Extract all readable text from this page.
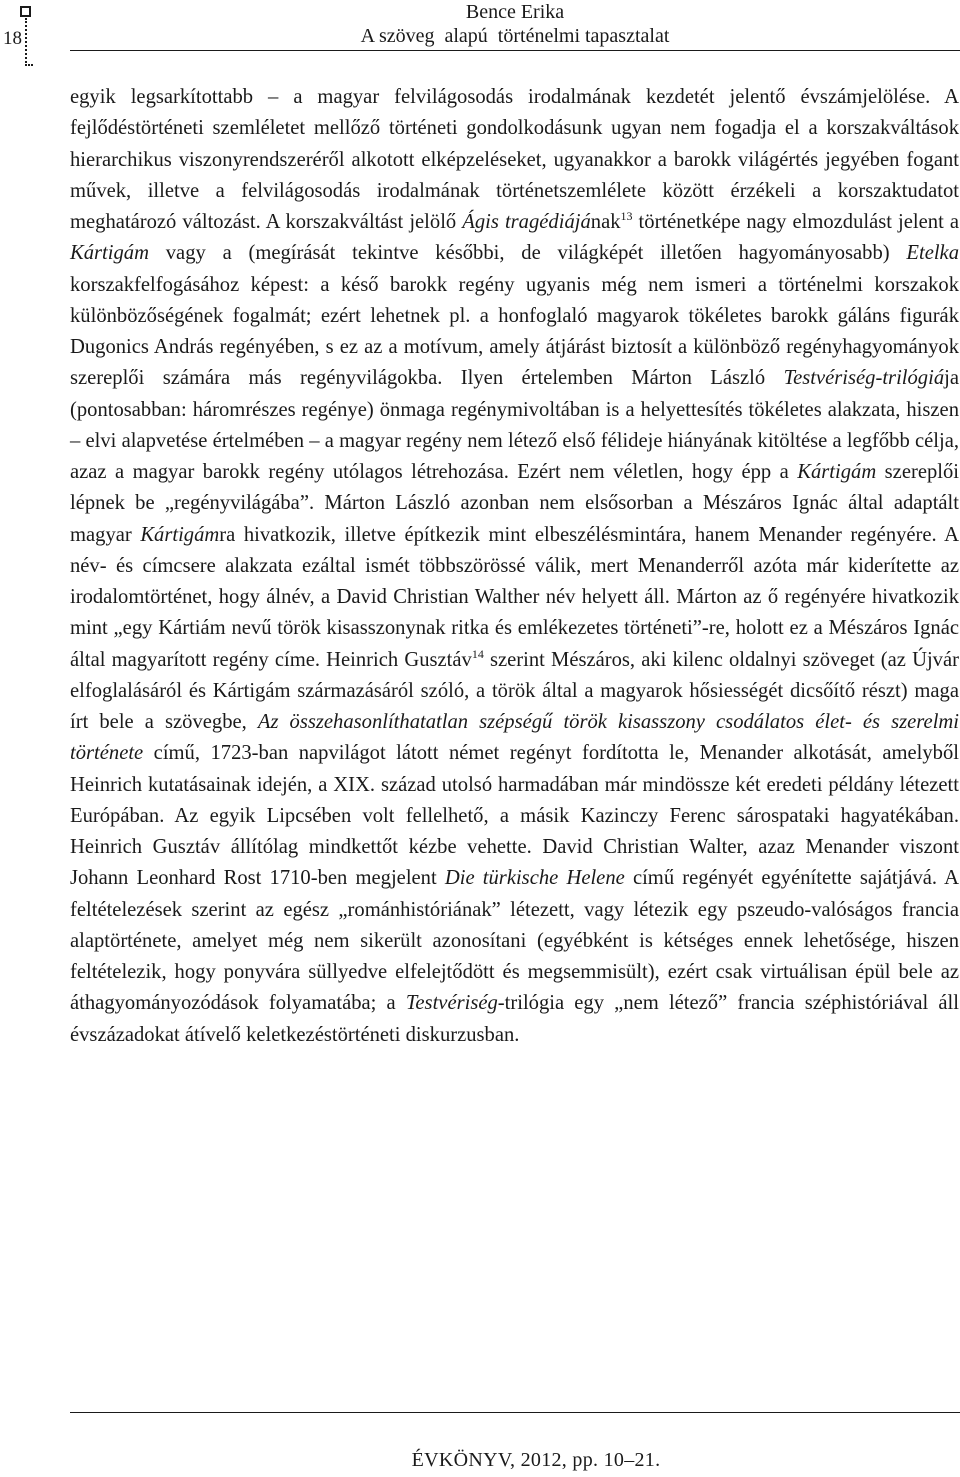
18
Bence Erika
A szöveg  alapú  történelmi tapasztalat

egyik legsarkítottabb – a magyar felvilágosodás irodalmának kezdetét jelentő évszámjelölése. A fejlődéstörténeti szemléletet mellőző történeti gondolkodásunk ugyan nem fogadja el a korszakváltások hierarchikus viszonyrendszeréről alkotott elképzeléseket, ugyanakkor a barokk világértés jegyében fogant művek, illetve a felvilágosodás irodalmának történetszemlélete között érzékeli a korszaktudatot meghatározó változást. A korszakváltást jelölő Ágis tragédiájának$^{13}$ történetképe nagy elmozdulást jelent a Kártigám vagy a (megírását tekintve későbbi, de világképét illetően hagyományosabb) Etelka korszakfelfogásához képest: a késő barokk regény ugyanis még nem ismeri a történelmi korszakok különbözőségének fogalmát; ezért lehetnek pl. a honfoglaló magyarok tökéletes barokk gáláns figurák Dugonics András regényében, s ez az a motívum, amely átjárást biztosít a különböző regényhagyományok szereplői számára más regényvilágokba. Ilyen értelemben Márton László Testvériség-trilógiája (pontosabban: háromrészes regénye) önmaga regénymivoltában is a helyettesítés tökéletes alakzata, hiszen – elvi alapvetése értelmében – a magyar regény nem létező első félideje hiányának kitöltése a legfőbb célja, azaz a magyar barokk regény utólagos létrehozása. Ezért nem véletlen, hogy épp a Kártigám szereplői lépnek be „regényvilágába”. Márton László azonban nem elsősorban a Mészáros Ignác által adaptált magyar Kártigámra hivatkozik, illetve építkezik mint elbeszélésmintára, hanem Menander regényére. A név- és címcsere alakzata ezáltal ismét többszörössé válik, mert Menanderről azóta már kiderítette az irodalomtörténet, hogy álnév, a David Christian Walther név helyett áll. Márton az ő regényére hivatkozik mint „egy Kártiám nevű török kisasszonynak ritka és emlékezetes történeti”-re, holott ez a Mészáros Ignác által magyarított regény címe. Heinrich Gusztáv$^{14}$ szerint Mészáros, aki kilenc oldalnyi szöveget (az Újvár elfoglalásáról és Kártigám származásáról szóló, a török által a magyarok hősiességét dicsőítő részt) maga írt bele a szövegbe, Az összehasonlíthatatlan szépségű török kisasszony csodálatos élet- és szerelmi története című, 1723-ban napvilágot látott német regényt fordította le, Menander alkotását, amelyből Heinrich kutatásainak idején, a XIX. század utolsó harmadában már mindössze két eredeti példány létezett Európában. Az egyik Lipcsében volt fellelhető, a másik Kazinczy Ferenc sárospataki hagyatékában. Heinrich Gusztáv állítólag mindkettőt kézbe vehette. David Christian Walter, azaz Menander viszont Johann Leonhard Rost 1710-ben megjelent Die türkische Helene című regényét egyénítette sajátjává. A feltételezések szerint az egész „románhistóriának” létezett, vagy létezik egy pszeudo-valóságos francia alaptörténete, amelyet még nem sikerült azonosítani (egyébként is kétséges ennek lehetősége, hiszen feltételezik, hogy ponyvára süllyedve elfelejtődött és megsemmisült), ezért csak virtuálisan épül bele az áthagyományozódások folyamatába; a Testvériség-trilógia egy „nem létező” francia széphistóriával áll évszázadokat átívelő keletkezéstörténeti diskurzusban.

ÉVKÖNYV, 2012, pp. 10–21.
